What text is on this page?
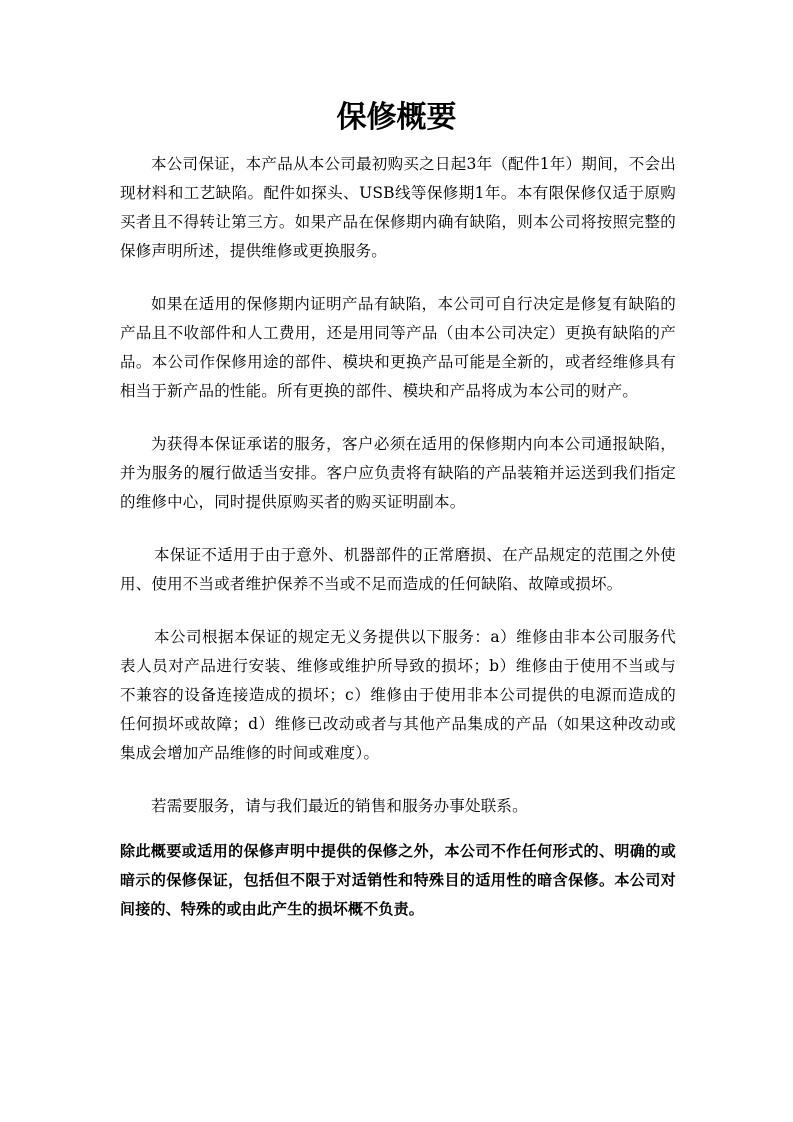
保修概要

本公司保证，本产品从本公司最初购买之日起3年（配件1年）期间，不会出现材料和工艺缺陷。配件如探头、USB线等保修期1年。本有限保修仅适于原购买者且不得转让第三方。如果产品在保修期内确有缺陷，则本公司将按照完整的保修声明所述，提供维修或更换服务。

如果在适用的保修期内证明产品有缺陷，本公司可自行决定是修复有缺陷的产品且不收部件和人工费用，还是用同等产品（由本公司决定）更换有缺陷的产品。本公司作保修用途的部件、模块和更换产品可能是全新的，或者经维修具有相当于新产品的性能。所有更换的部件、模块和产品将成为本公司的财产。

为获得本保证承诺的服务，客户必须在适用的保修期内向本公司通报缺陷，并为服务的履行做适当安排。客户应负责将有缺陷的产品装箱并运送到我们指定的维修中心，同时提供原购买者的购买证明副本。

本保证不适用于由于意外、机器部件的正常磨损、在产品规定的范围之外使用、使用不当或者维护保养不当或不足而造成的任何缺陷、故障或损坏。

本公司根据本保证的规定无义务提供以下服务：a）维修由非本公司服务代表人员对产品进行安装、维修或维护所导致的损坏；b）维修由于使用不当或与不兼容的设备连接造成的损坏；c）维修由于使用非本公司提供的电源而造成的任何损坏或故障；d）维修已改动或者与其他产品集成的产品（如果这种改动或集成会增加产品维修的时间或难度）。

若需要服务，请与我们最近的销售和服务办事处联系。

除此概要或适用的保修声明中提供的保修之外，本公司不作任何形式的、明确的或暗示的保修保证，包括但不限于对适销性和特殊目的适用性的暗含保修。本公司对间接的、特殊的或由此产生的损坏概不负责。
